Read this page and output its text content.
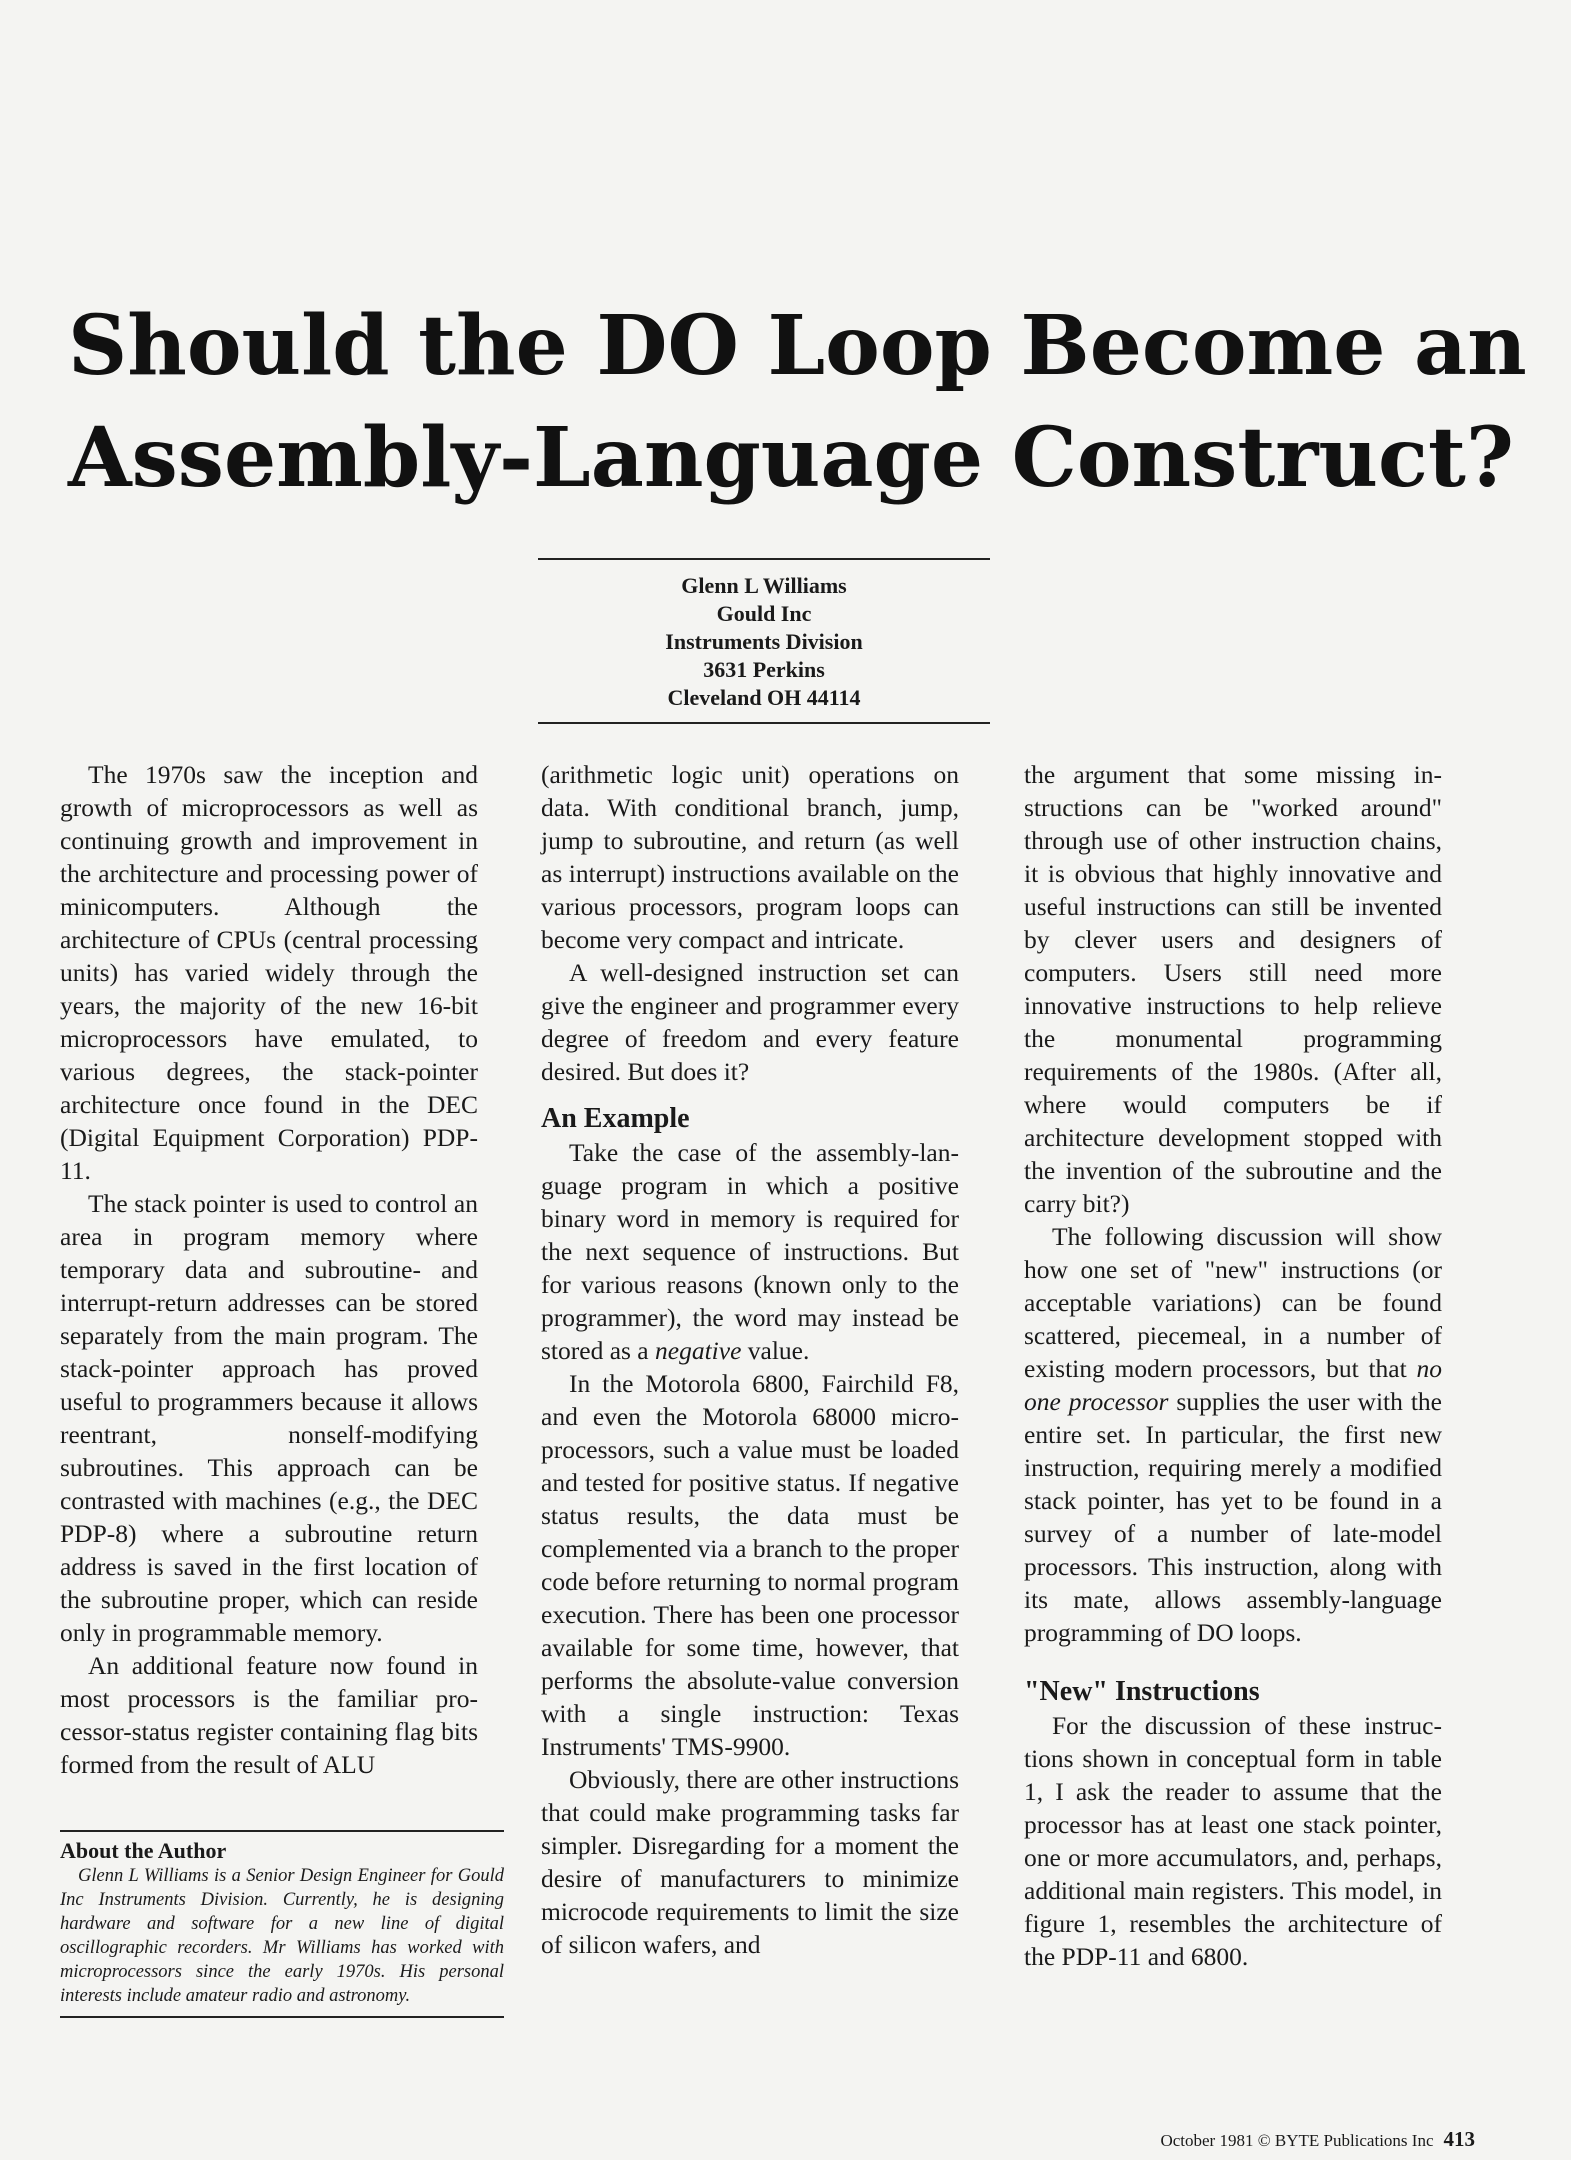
Should the DO Loop Become an
Assembly-Language Construct?
Glenn L Williams
Gould Inc
Instruments Division
3631 Perkins
Cleveland OH 44114

The 1970s saw the inception and growth of microprocessors as well as continuing growth and improvement in the architecture and processing power of minicomputers. Although the architecture of CPUs (central processing units) has varied widely through the years, the majority of the new 16-bit microprocessors have emulated, to various degrees, the stack-pointer architecture once found in the DEC (Digital Equipment Corporation) PDP-11.

The stack pointer is used to control an area in program memory where temporary data and subroutine- and interrupt-return addresses can be stored separately from the main program. The stack-pointer approach has proved useful to programmers because it allows reentrant, nonself-modifying subroutines. This approach can be contrasted with machines (e.g., the DEC PDP-8) where a subroutine return address is saved in the first location of the subroutine proper, which can reside only in programmable memory.

An additional feature now found in most processors is the familiar processor-status register containing flag bits formed from the result of ALU

About the Author

Glenn L Williams is a Senior Design Engineer for Gould Inc Instruments Division. Currently, he is designing hardware and software for a new line of digital oscillographic recorders. Mr Williams has worked with microprocessors since the early 1970s. His personal interests include amateur radio and astronomy.

(arithmetic logic unit) operations on data. With conditional branch, jump, jump to subroutine, and return (as well as interrupt) instructions available on the various processors, program loops can become very compact and intricate.

A well-designed instruction set can give the engineer and programmer every degree of freedom and every feature desired. But does it?

An Example

Take the case of the assembly-language program in which a positive binary word in memory is required for the next sequence of instructions. But for various reasons (known only to the programmer), the word may instead be stored as a negative value.

In the Motorola 6800, Fairchild F8, and even the Motorola 68000 microprocessors, such a value must be loaded and tested for positive status. If negative status results, the data must be complemented via a branch to the proper code before returning to normal program execution. There has been one processor available for some time, however, that performs the absolute-value conversion with a single instruction: Texas Instruments' TMS-9900.

Obviously, there are other instructions that could make programming tasks far simpler. Disregarding for a moment the desire of manufacturers to minimize microcode requirements to limit the size of silicon wafers, and

the argument that some missing instructions can be "worked around" through use of other instruction chains, it is obvious that highly innovative and useful instructions can still be invented by clever users and designers of computers. Users still need more innovative instructions to help relieve the monumental programming requirements of the 1980s. (After all, where would computers be if architecture development stopped with the invention of the subroutine and the carry bit?)

The following discussion will show how one set of "new" instructions (or acceptable variations) can be found scattered, piecemeal, in a number of existing modern processors, but that no one processor supplies the user with the entire set. In particular, the first new instruction, requiring merely a modified stack pointer, has yet to be found in a survey of a number of late-model processors. This instruction, along with its mate, allows assembly-language programming of DO loops.

"New" Instructions

For the discussion of these instructions shown in conceptual form in table 1, I ask the reader to assume that the processor has at least one stack pointer, one or more accumulators, and, perhaps, additional main registers. This model, in figure 1, resembles the architecture of the PDP-11 and 6800.

October 1981 © BYTE Publications Inc 413
